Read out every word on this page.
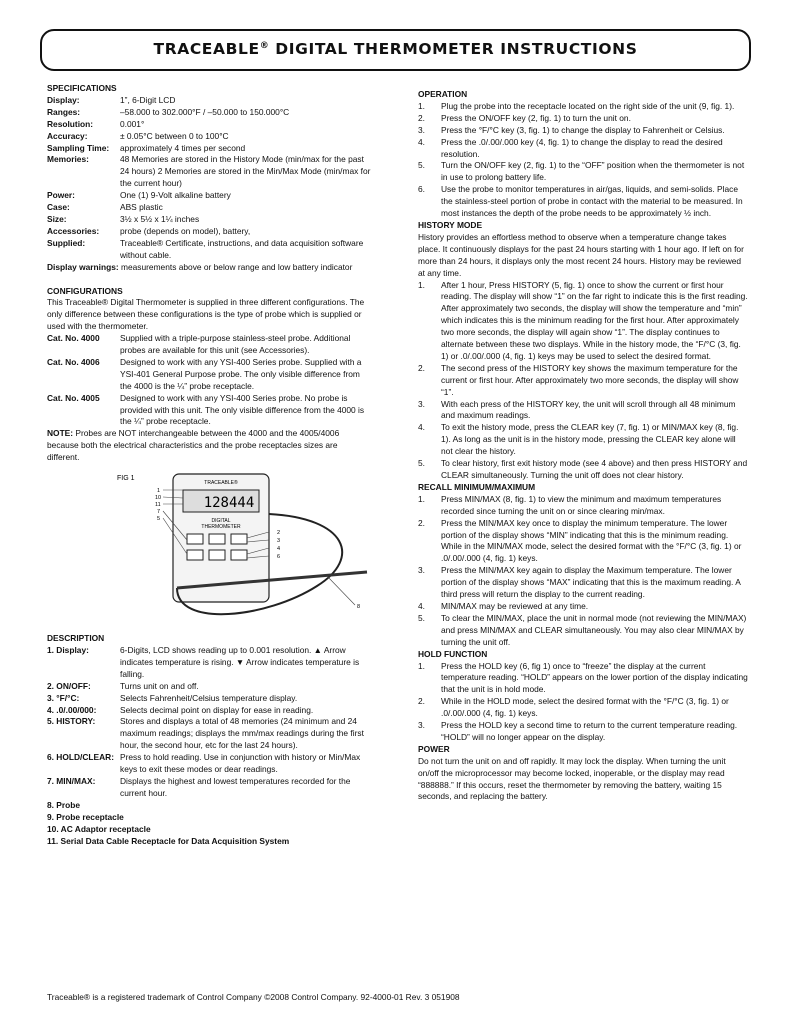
TRACEABLE® DIGITAL THERMOMETER INSTRUCTIONS

SPECIFICATIONS

Display:	1”, 6-Digit LCD
Ranges:	–58.000 to 302.000°F / –50.000 to 150.000°C
Resolution:	0.001°
Accuracy:	± 0.05°C between 0 to 100°C
Sampling Time:	approximately 4 times per second
Memories:	48 Memories are stored in the History Mode (min/max for the past 24 hours) 2 Memories are stored in the Min/Max Mode (min/max for the current hour)
Power:	One (1) 9-Volt alkaline battery
Case:	ABS plastic
Size:	3½ x 5½ x 1¼ inches
Accessories:	probe (depends on model), battery,
Supplied:	Traceable® Certificate, instructions, and data acquisition software without cable.

Display warnings: measurements above or below range and low battery indicator

CONFIGURATIONS

This Traceable® Digital Thermometer is supplied in three different configurations. The only difference between these configurations is the type of probe which is supplied or used with the thermometer.

Cat. No. 4000	Supplied with a triple-purpose stainless-steel probe. Additional probes are available for this unit (see Accessories).
Cat. No. 4006	Designed to work with any YSI-400 Series probe. Supplied with a YSI-401 General Purpose probe. The only visible difference from the 4000 is the ¼” probe receptacle.
Cat. No. 4005	Designed to work with any YSI-400 Series probe. No probe is provided with this unit. The only visible difference from the 4000 is the ¼” probe receptacle.

NOTE: Probes are NOT interchangeable between the 4000 and the 4005/4006 because both the electrical characteristics and the probe receptacles sizes are different.

FIG 1
TRACEABLE®
128444
DIGITAL
THERMOMETER
1
10
11
7
5
2
3
4
6
8

DESCRIPTION

1. Display:	6-Digits, LCD shows reading up to 0.001 resolution. ▲ Arrow indicates temperature is rising. ▼ Arrow indicates temperature is falling.
2. ON/OFF:	Turns unit on and off.
3. °F/°C:	Selects Fahrenheit/Celsius temperature display.
4. .0/.00/000:	Selects decimal point on display for ease in reading.
5. HISTORY:	Stores and displays a total of 48 memories (24 minimum and 24 maximum readings; displays the mm/max readings during the first hour, the second hour, etc for the last 24 hours).
6. HOLD/CLEAR: Press to hold reading. Use in conjunction with history or Min/Max keys to exit these modes or dear readings.
7. MIN/MAX:	Displays the highest and lowest temperatures recorded for the current hour.
8. Probe
9. Probe receptacle
10. AC Adaptor receptacle
11. Serial Data Cable Receptacle for Data Acquisition System

OPERATION

1.	Plug the probe into the receptacle located on the right side of the unit (9, fig. 1).
2.	Press the ON/OFF key (2, fig. 1) to turn the unit on.
3.	Press the °F/°C key (3, fig. 1) to change the display to Fahrenheit or Celsius.
4.	Press the .0/.00/.000 key (4, fig. 1) to change the display to read the desired resolution.
5.	Turn the ON/OFF key (2, fig. 1) to the “OFF” position when the thermometer is not in use to prolong battery life.
6.	Use the probe to monitor temperatures in air/gas, liquids, and semi-solids. Place the stainless-steel portion of probe in contact with the material to be measured. In most instances the depth of the probe needs to be approximately ½ inch.

HISTORY MODE

History provides an effortless method to observe when a temperature change takes place. It continuously displays for the past 24 hours starting with 1 hour ago. If left on for more than 24 hours, it displays only the most recent 24 hours. History may be reviewed at any time.

1.	After 1 hour, Press HISTORY (5, fig. 1) once to show the current or first hour reading. The display will show “1” on the far right to indicate this is the first reading. After approximately two seconds, the display will show the temperature and “min” which indicates this is the minimum reading for the first hour. After approximately two more seconds, the display will again show “1”. The display continues to alternate between these two displays. While in the history mode, the “F/°C (3, fig. 1) or .0/.00/.000 (4, fig. 1) keys may be used to select the desired format.
2.	The second press of the HISTORY key shows the maximum temperature for the current or first hour. After approximately two more seconds, the display will show “1”.
3.	With each press of the HISTORY key, the unit will scroll through all 48 minimum and maximum readings.
4.	To exit the history mode, press the CLEAR key (7, fig. 1) or MIN/MAX key (8, fig. 1). As long as the unit is in the history mode, pressing the CLEAR key alone will not clear the history.
5.	To clear history, first exit history mode (see 4 above) and then press HISTORY and CLEAR simultaneously. Turning the unit off does not clear history.

RECALL MINIMUM/MAXIMUM

1.	Press MIN/MAX (8, fig. 1) to view the minimum and maximum temperatures recorded since turning the unit on or since clearing min/max.
2.	Press the MIN/MAX key once to display the minimum temperature. The lower portion of the display shows “MIN” indicating that this is the minimum reading. While in the MIN/MAX mode, select the desired format with the °F/°C (3, fig. 1) or .0/.00/.000 (4, fig. 1) keys.
3.	Press the MIN/MAX key again to display the Maximum temperature. The lower portion of the display shows “MAX” indicating that this is the maximum reading. A third press will return the display to the current reading.
4.	MIN/MAX may be reviewed at any time.
5.	To clear the MIN/MAX, place the unit in normal mode (not reviewing the MIN/MAX) and press MIN/MAX and CLEAR simultaneously. You may also clear MIN/MAX by turning the unit off.

HOLD FUNCTION

1.	Press the HOLD key (6, fig 1) once to “freeze” the display at the current temperature reading. “HOLD” appears on the lower portion of the display indicating that the unit is in hold mode.
2.	While in the HOLD mode, select the desired format with the °F/°C (3, fig. 1) or .0/.00/.000 (4, fig. 1) keys.
3.	Press the HOLD key a second time to return to the current temperature reading. “HOLD” will no longer appear on the display.

POWER

Do not turn the unit on and off rapidly. It may lock the display. When turning the unit on/off the microprocessor may become locked, inoperable, or the display may read “888888.” If this occurs, reset the thermometer by removing the battery, waiting 15 seconds, and replacing the battery.

Traceable® is a registered trademark of Control Company ©2008 Control Company. 92-4000-01 Rev. 3 051908
